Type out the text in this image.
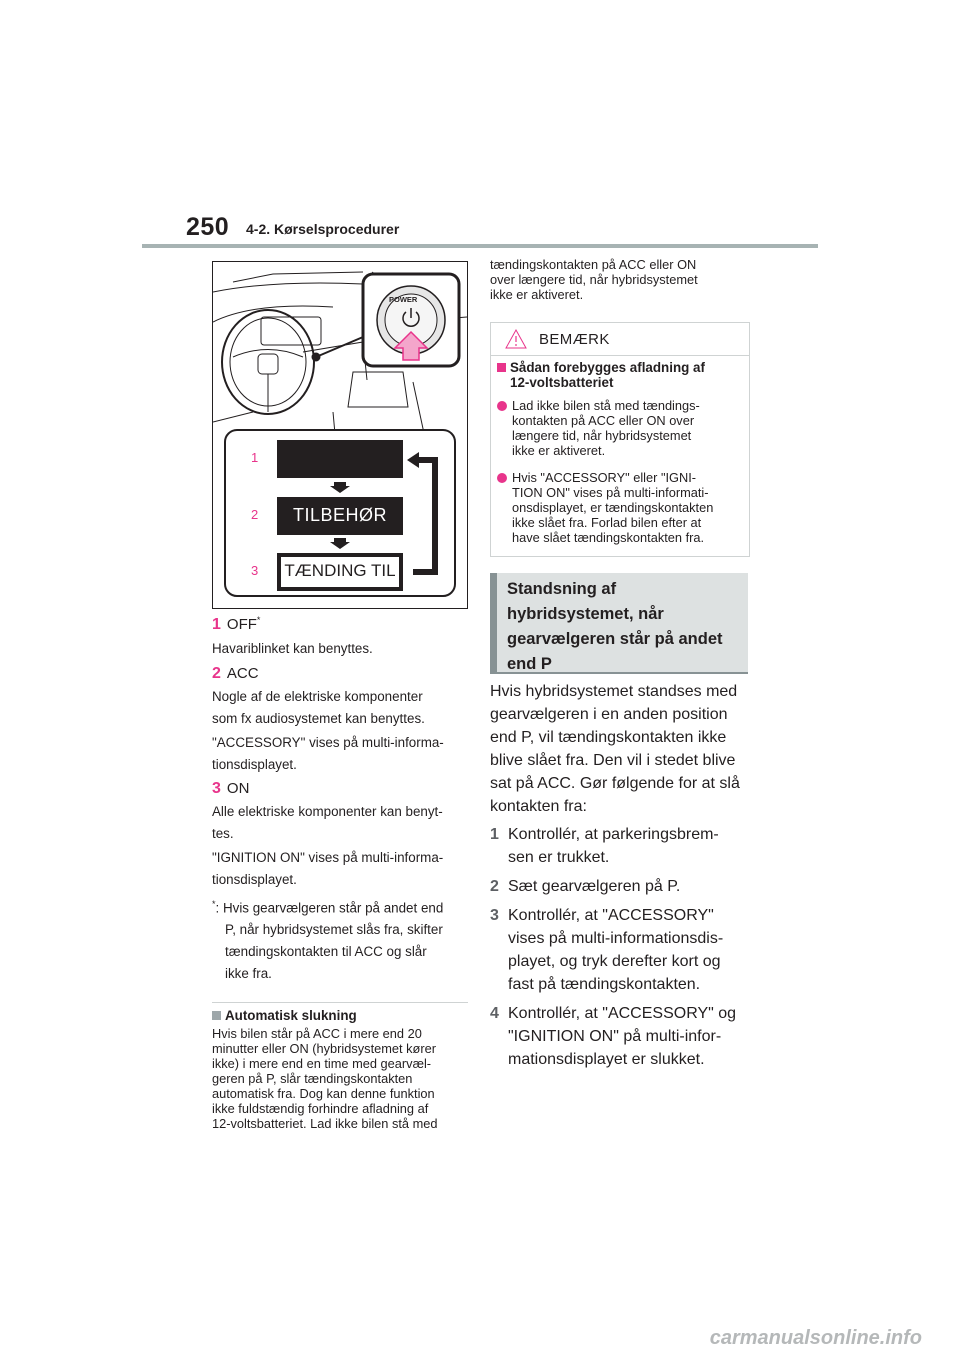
250 4-2. Kørselsprocedurer
POWER
1
2
3
TILBEHØR
TÆNDING TIL
1 OFF*
Havariblinket kan benyttes.
2 ACC
Nogle af de elektriske komponenter
som fx audiosystemet kan benyttes.
"ACCESSORY" vises på multi-informa-
tionsdisplayet.
3 ON
Alle elektriske komponenter kan benyt-
tes.
"IGNITION ON" vises på multi-informa-
tionsdisplayet.
*: Hvis gearvælgeren står på andet end
P, når hybridsystemet slås fra, skifter
tændingskontakten til ACC og slår
ikke fra.
Automatisk slukning
Hvis bilen står på ACC i mere end 20
minutter eller ON (hybridsystemet kører
ikke) i mere end en time med gearvæl-
geren på P, slår tændingskontakten
automatisk fra. Dog kan denne funktion
ikke fuldstændig forhindre afladning af
12-voltsbatteriet. Lad ikke bilen stå med
tændingskontakten på ACC eller ON
over længere tid, når hybridsystemet
ikke er aktiveret.
BEMÆRK
Sådan forebygges afladning af
12-voltsbatteriet
Lad ikke bilen stå med tændings-
kontakten på ACC eller ON over
længere tid, når hybridsystemet
ikke er aktiveret.
Hvis "ACCESSORY" eller "IGNI-
TION ON" vises på multi-informati-
onsdisplayet, er tændingskontakten
ikke slået fra. Forlad bilen efter at
have slået tændingskontakten fra.
Standsning af
hybridsystemet, når
gearvælgeren står på andet
end P
Hvis hybridsystemet standses med
gearvælgeren i en anden position
end P, vil tændingskontakten ikke
blive slået fra. Den vil i stedet blive
sat på ACC. Gør følgende for at slå
kontakten fra:
1 Kontrollér, at parkeringsbrem-
sen er trukket.
2 Sæt gearvælgeren på P.
3 Kontrollér, at "ACCESSORY"
vises på multi-informationsdis-
playet, og tryk derefter kort og
fast på tændingskontakten.
4 Kontrollér, at "ACCESSORY" og
"IGNITION ON" på multi-infor-
mationsdisplayet er slukket.
carmanualsonline.info
